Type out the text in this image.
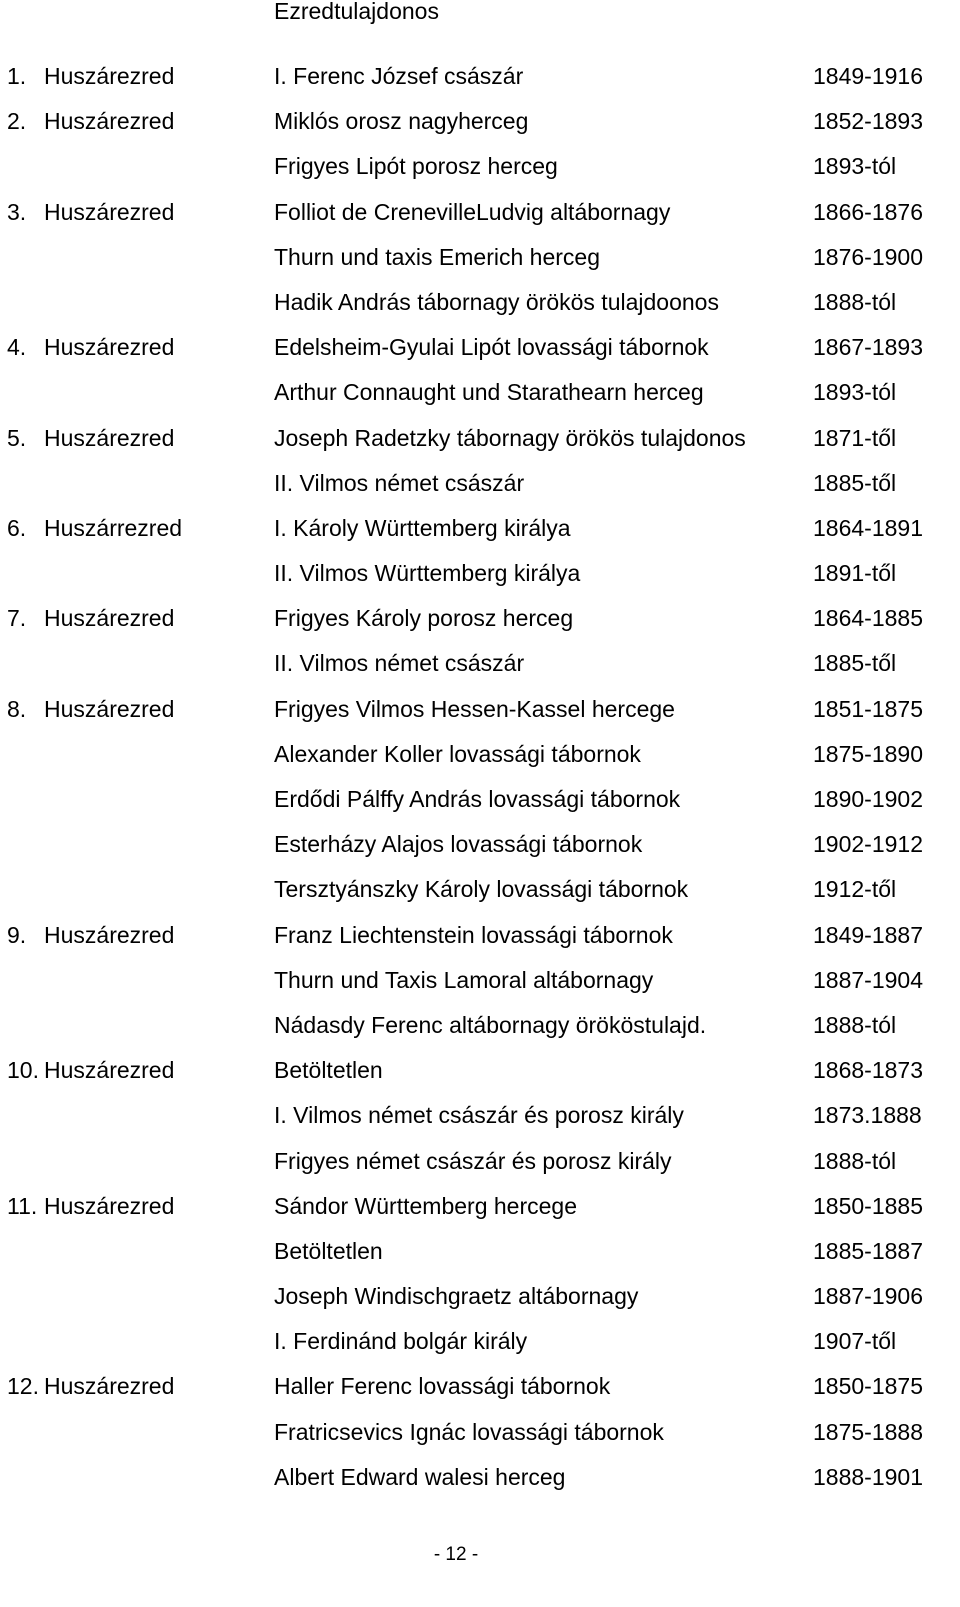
Ezredtulajdonos
1. Huszárezred	I. Ferenc József császár	1849-1916
2. Huszárezred	Miklós orosz nagyherceg	1852-1893
Frigyes Lipót porosz herceg	1893-tól
3. Huszárezred	Folliot de CrenevilleLudvig altábornagy	1866-1876
Thurn und taxis Emerich herceg	1876-1900
Hadik András tábornagy örökös tulajdoonos	1888-tól
4. Huszárezred	Edelsheim-Gyulai Lipót lovassági tábornok	1867-1893
Arthur Connaught und Starathearn herceg	1893-tól
5. Huszárezred	Joseph Radetzky tábornagy örökös tulajdonos	1871-től
II. Vilmos német császár	1885-től
6. Huszárrezred	I. Károly Württemberg királya	1864-1891
II. Vilmos Württemberg királya	1891-től
7. Huszárezred	Frigyes Károly porosz herceg	1864-1885
II. Vilmos német császár	1885-től
8. Huszárezred	Frigyes Vilmos Hessen-Kassel hercege	1851-1875
Alexander Koller lovassági tábornok	1875-1890
Erdődi Pálffy András lovassági tábornok	1890-1902
Esterházy Alajos lovassági tábornok	1902-1912
Tersztyánszky Károly lovassági tábornok	1912-től
9. Huszárezred	Franz Liechtenstein lovassági tábornok	1849-1887
Thurn und Taxis Lamoral altábornagy	1887-1904
Nádasdy Ferenc altábornagy örököstulajd.	1888-tól
10. Huszárezred	Betöltetlen	1868-1873
I. Vilmos német császár és porosz király	1873.1888
Frigyes német császár és porosz király	1888-tól
11. Huszárezred	Sándor Württemberg hercege	1850-1885
Betöltetlen	1885-1887
Joseph Windischgraetz altábornagy	1887-1906
I. Ferdinánd bolgár király	1907-től
12. Huszárezred	Haller Ferenc lovassági tábornok	1850-1875
Fratricsevics Ignác lovassági tábornok	1875-1888
Albert Edward walesi herceg	1888-1901
- 12 -
